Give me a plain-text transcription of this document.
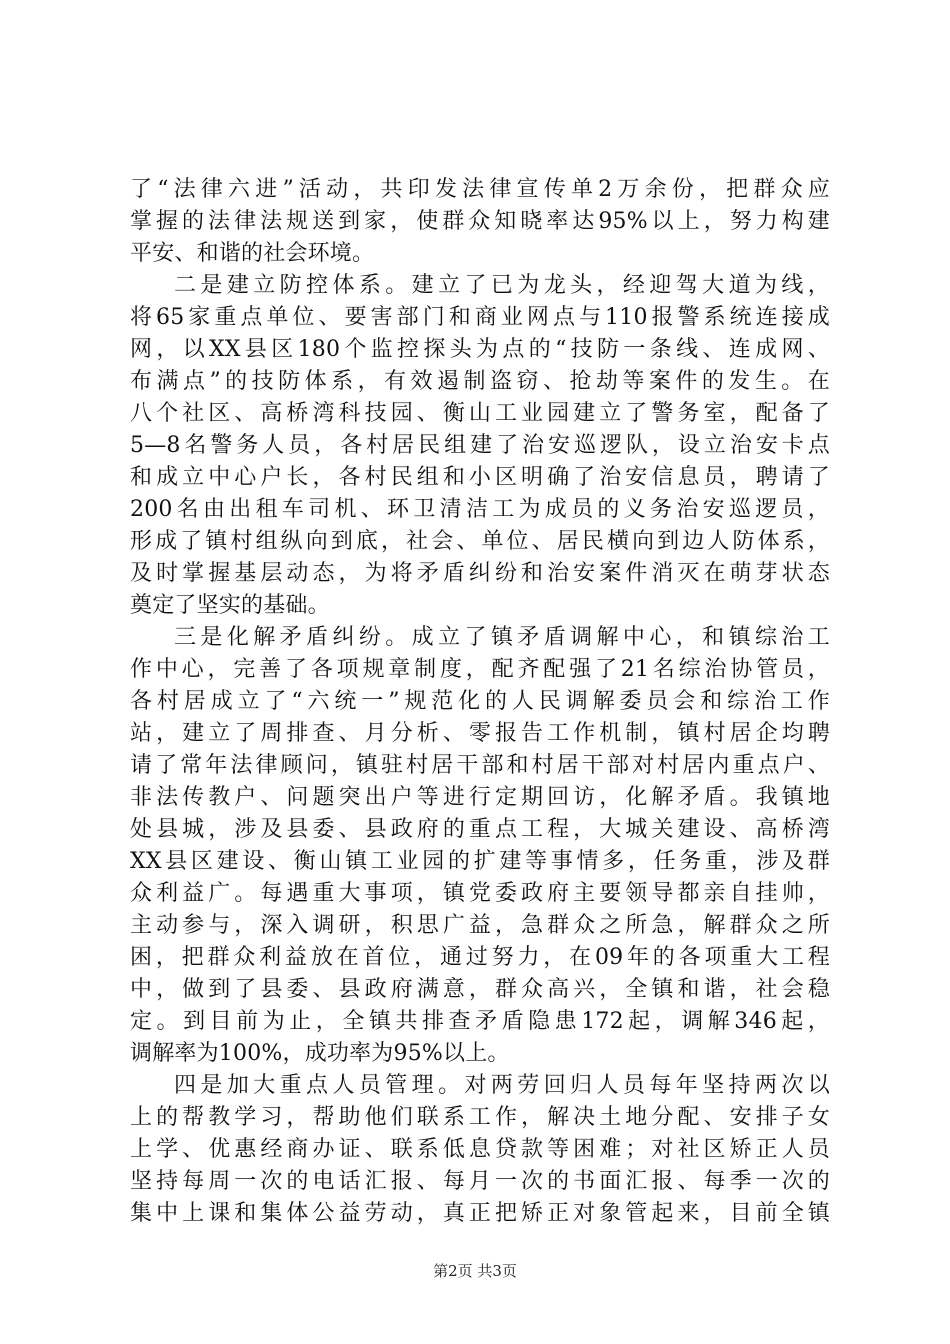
了“法律六进”活动，共印发法律宣传单2万余份，把群众应
掌握的法律法规送到家，使群众知晓率达95%以上，努力构建
平安、和谐的社会环境。
二是建立防控体系。建立了已为龙头，经迎驾大道为线，
将65家重点单位、要害部门和商业网点与110报警系统连接成
网，以XX县区180个监控探头为点的“技防一条线、连成网、
布满点”的技防体系，有效遏制盗窃、抢劫等案件的发生。在
八个社区、高桥湾科技园、衡山工业园建立了警务室，配备了
5—8名警务人员，各村居民组建了治安巡逻队，设立治安卡点
和成立中心户长，各村民组和小区明确了治安信息员，聘请了
200名由出租车司机、环卫清洁工为成员的义务治安巡逻员，
形成了镇村组纵向到底，社会、单位、居民横向到边人防体系，
及时掌握基层动态，为将矛盾纠纷和治安案件消灭在萌芽状态
奠定了坚实的基础。
三是化解矛盾纠纷。成立了镇矛盾调解中心，和镇综治工
作中心，完善了各项规章制度，配齐配强了21名综治协管员，
各村居成立了“六统一”规范化的人民调解委员会和综治工作
站，建立了周排查、月分析、零报告工作机制，镇村居企均聘
请了常年法律顾问，镇驻村居干部和村居干部对村居内重点户、
非法传教户、问题突出户等进行定期回访，化解矛盾。我镇地
处县城，涉及县委、县政府的重点工程，大城关建设、高桥湾
XX县区建设、衡山镇工业园的扩建等事情多，任务重，涉及群
众利益广。每遇重大事项，镇党委政府主要领导都亲自挂帅，
主动参与，深入调研，积思广益，急群众之所急，解群众之所
困，把群众利益放在首位，通过努力，在09年的各项重大工程
中，做到了县委、县政府满意，群众高兴，全镇和谐，社会稳
定。到目前为止，全镇共排查矛盾隐患172起，调解346起，
调解率为100%，成功率为95%以上。
四是加大重点人员管理。对两劳回归人员每年坚持两次以
上的帮教学习，帮助他们联系工作，解决土地分配、安排子女
上学、优惠经商办证、联系低息贷款等困难；对社区矫正人员
坚持每周一次的电话汇报、每月一次的书面汇报、每季一次的
集中上课和集体公益劳动，真正把矫正对象管起来，目前全镇
第2页 共3页
